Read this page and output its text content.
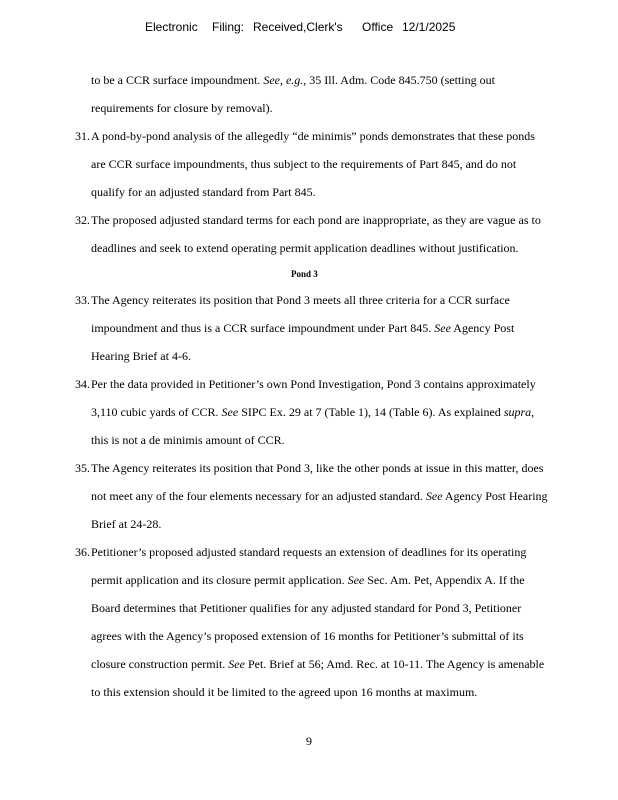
Electronic Filing: Received,Clerk's Office 12/1/2025
to be a CCR surface impoundment. See, e.g., 35 Ill. Adm. Code 845.750 (setting out
requirements for closure by removal).
31.A pond-by-pond analysis of the allegedly “de minimis” ponds demonstrates that these ponds
are CCR surface impoundments, thus subject to the requirements of Part 845, and do not
qualify for an adjusted standard from Part 845.
32.The proposed adjusted standard terms for each pond are inappropriate, as they are vague as to
deadlines and seek to extend operating permit application deadlines without justification.
Pond 3
33.The Agency reiterates its position that Pond 3 meets all three criteria for a CCR surface
impoundment and thus is a CCR surface impoundment under Part 845. See Agency Post
Hearing Brief at 4-6.
34.Per the data provided in Petitioner’s own Pond Investigation, Pond 3 contains approximately
3,110 cubic yards of CCR. See SIPC Ex. 29 at 7 (Table 1), 14 (Table 6). As explained supra,
this is not a de minimis amount of CCR.
35.The Agency reiterates its position that Pond 3, like the other ponds at issue in this matter, does
not meet any of the four elements necessary for an adjusted standard. See Agency Post Hearing
Brief at 24-28.
36.Petitioner’s proposed adjusted standard requests an extension of deadlines for its operating
permit application and its closure permit application. See Sec. Am. Pet, Appendix A. If the
Board determines that Petitioner qualifies for any adjusted standard for Pond 3, Petitioner
agrees with the Agency’s proposed extension of 16 months for Petitioner’s submittal of its
closure construction permit. See Pet. Brief at 56; Amd. Rec. at 10-11. The Agency is amenable
to this extension should it be limited to the agreed upon 16 months at maximum.
9
